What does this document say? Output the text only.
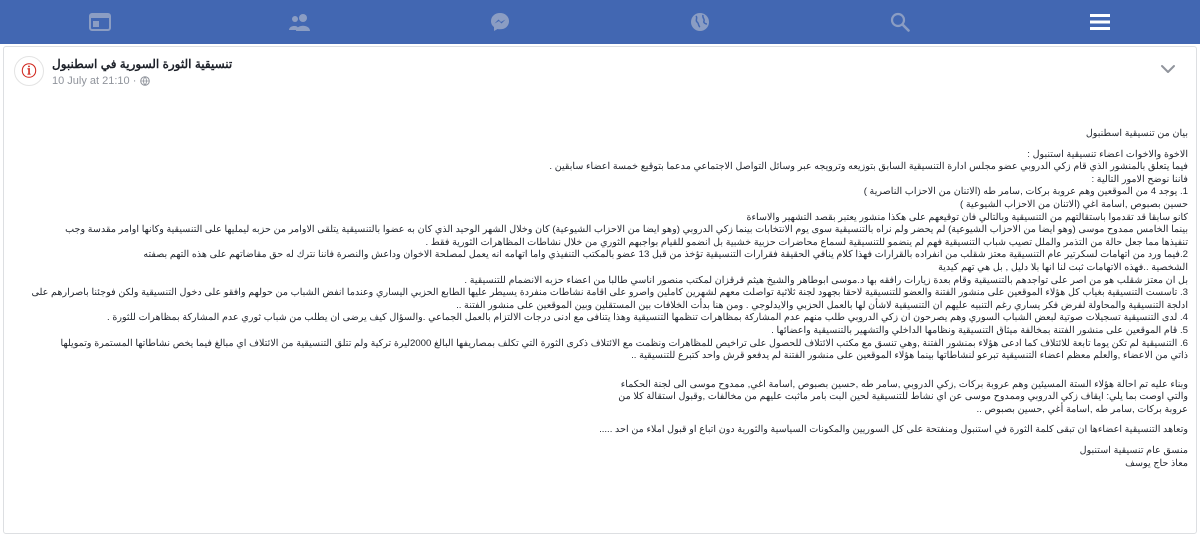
ⓘ تنسيقية الثورة السورية في اسطنبول
10 July at 21:10 ·

بيان من تنسيقية اسطنبول

الاخوة والاخوات اعضاء تنسيقية استنبول :

فيما يتعلق بالمنشور الذي قام زكي الدروبي عضو مجلس ادارة التنسيقية السابق بتوزيعه وترويجه عبر وسائل التواصل الاجتماعي مدعما بتوقيع خمسة اعضاء سابقين .

فاننا نوضح الامور التالية :

1. يوجد 4 من الموقعين وهم عروبة بركات ,سامر طه (الاتنان من الاحزاب الناصرية )

حسين بصبوص ,اسامة اغي (الاتنان من الاحزاب الشيوعية )

كانو سابقا قد تقدموا باستقالتهم من التنسيقية وبالتالي فان توقيعهم على هكذا منشور يعتبر بقصد التشهير والاساءة

بينما الخامس ممدوح موسى (وهو ايضا من الاحزاب الشيوعية) لم يحضر ولم نراه بالتنسيقية سوى يوم الانتخابات بينما زكي الدروبي (وهو ايضا من الاحزاب الشيوعية) كان وخلال الشهر الوحيد الذي كان به عضوا بالتنسيقية يتلقى الاوامر من حزبه ليمليها على التنسيقية وكانها اوامر مقدسة وجب

تنفيذها مما جعل حالة من التذمر والملل تصيب شباب التنسيقية فهم لم ينضمو للتنسيقية لسماع محاضرات حزبية خشبية بل انضمو للقيام بواجبهم الثوري من خلال نشاطات المظاهرات الثورية فقط .

2.فيما ورد من اتهامات لسكرتير عام التنسيقية معتز شقلب من انفراده بالقرارات فهذا كلام ينافي الحقيقة فقرارات التنسيقية تؤخذ من قبل 13 عضو بالمكتب التنفيذي واما اتهامه انه يعمل لمصلحة الاخوان وداعش والنصرة فاننا نترك له حق مقاضاتهم على هذه التهم بصفته

الشخصية ..فهذه الاتهامات ثبت لنا انها بلا دليل , بل هي تهم كيدية

بل ان معتز شقلب هو من اصر على تواجدهم بالتنسيقية وقام بعدة زيارات رافقه بها د.موسى ابوطاهر والشيخ هيثم قرقزان لمكتب منصور اناسي طالبا من اعضاء حزبه الانضمام للتنسيقية .

3. تاسست التنسيقية بغياب كل هؤلاء الموقعين على منشور الفتنة والعضو للتنسيقية لاحقا بجهود لجنة ثلاثية تواصلت معهم لشهرين كاملين واصرو على اقامة نشاطات منفردة يسيطر عليها الطابع الحزبي اليساري وعندما انفض الشباب من حولهم وافقو على دخول التنسيقية ولكن فوجئنا باصرارهم على

ادلجة التنسيقية والمحاولة لفرض فكر يساري رغم التنبيه عليهم ان التنسيقية لاشأن لها بالعمل الحزبي والايدلوجي . ومن هنا بدأت الخلافات بين المستقلين وبين الموقعين على منشور الفتنة ..

4. لدى التنسيقية تسجيلات صوتية لبعض الشباب السوري وهم يصرحون ان زكي الدروبي طلب منهم عدم المشاركة بمظاهرات تنظمها التنسيقية وهذا يتنافى مع ادنى درجات الالتزام بالعمل الجماعي .والسؤال كيف يرضى ان يطلب من شباب ثوري عدم المشاركة بمظاهرات للثورة .

5. قام الموقعين على منشور الفتنة بمخالفة ميثاق التنسيقية ونظامها الداخلي والتشهير بالتنسيقية واعضائها .

6. التنسيقية لم تكن يوما تابعة للائتلاف كما ادعى هؤلاء بمنشور الفتنة ,وهي تنسق مع مكتب الائتلاف للحصول على تراخيص للمظاهرات ونظمت مع الائتلاف ذكرى الثورة التي تكلف بمصاريفها البالغ 2000ليرة تركية ولم تتلق التنسيقية من الائتلاف اي مبالغ فيما يخص نشاطاتها المستمرة وتمويلها

ذاتي من الاعضاء ,والعلم معظم اعضاء التنسيقية تبرعو لنشاطاتها بينما هؤلاء الموقعين على منشور الفتنة لم يدفعو قرش واحد كتبرع للتنسيقية ..

وبناء عليه تم احالة هؤلاء الستة المسيئين وهم عروبة بركات ,زكي الدروبي ,سامر طه ,حسين بصبوص ,اسامة اغي, ممدوح موسى الى لجنة الحكماء

والتي اوصت بما يلي: ايقاف زكي الدروبي وممدوح موسى عن اي نشاط للتنسيقية لحين البت بامر ماثبت عليهم من مخالفات ,وقبول استقالة كلا من

عروبة بركات ,سامر طه ,اسامة أغي ,حسين بصبوص ..

وتعاهد التنسيقية اعضاءها ان تبقى كلمة الثورة في استنبول ومنفتحة على كل السوريين والمكونات السياسية والثورية دون اتباع او قبول املاء من احد .....

منسق عام تنسيقية استنبول

معاذ حاج يوسف
